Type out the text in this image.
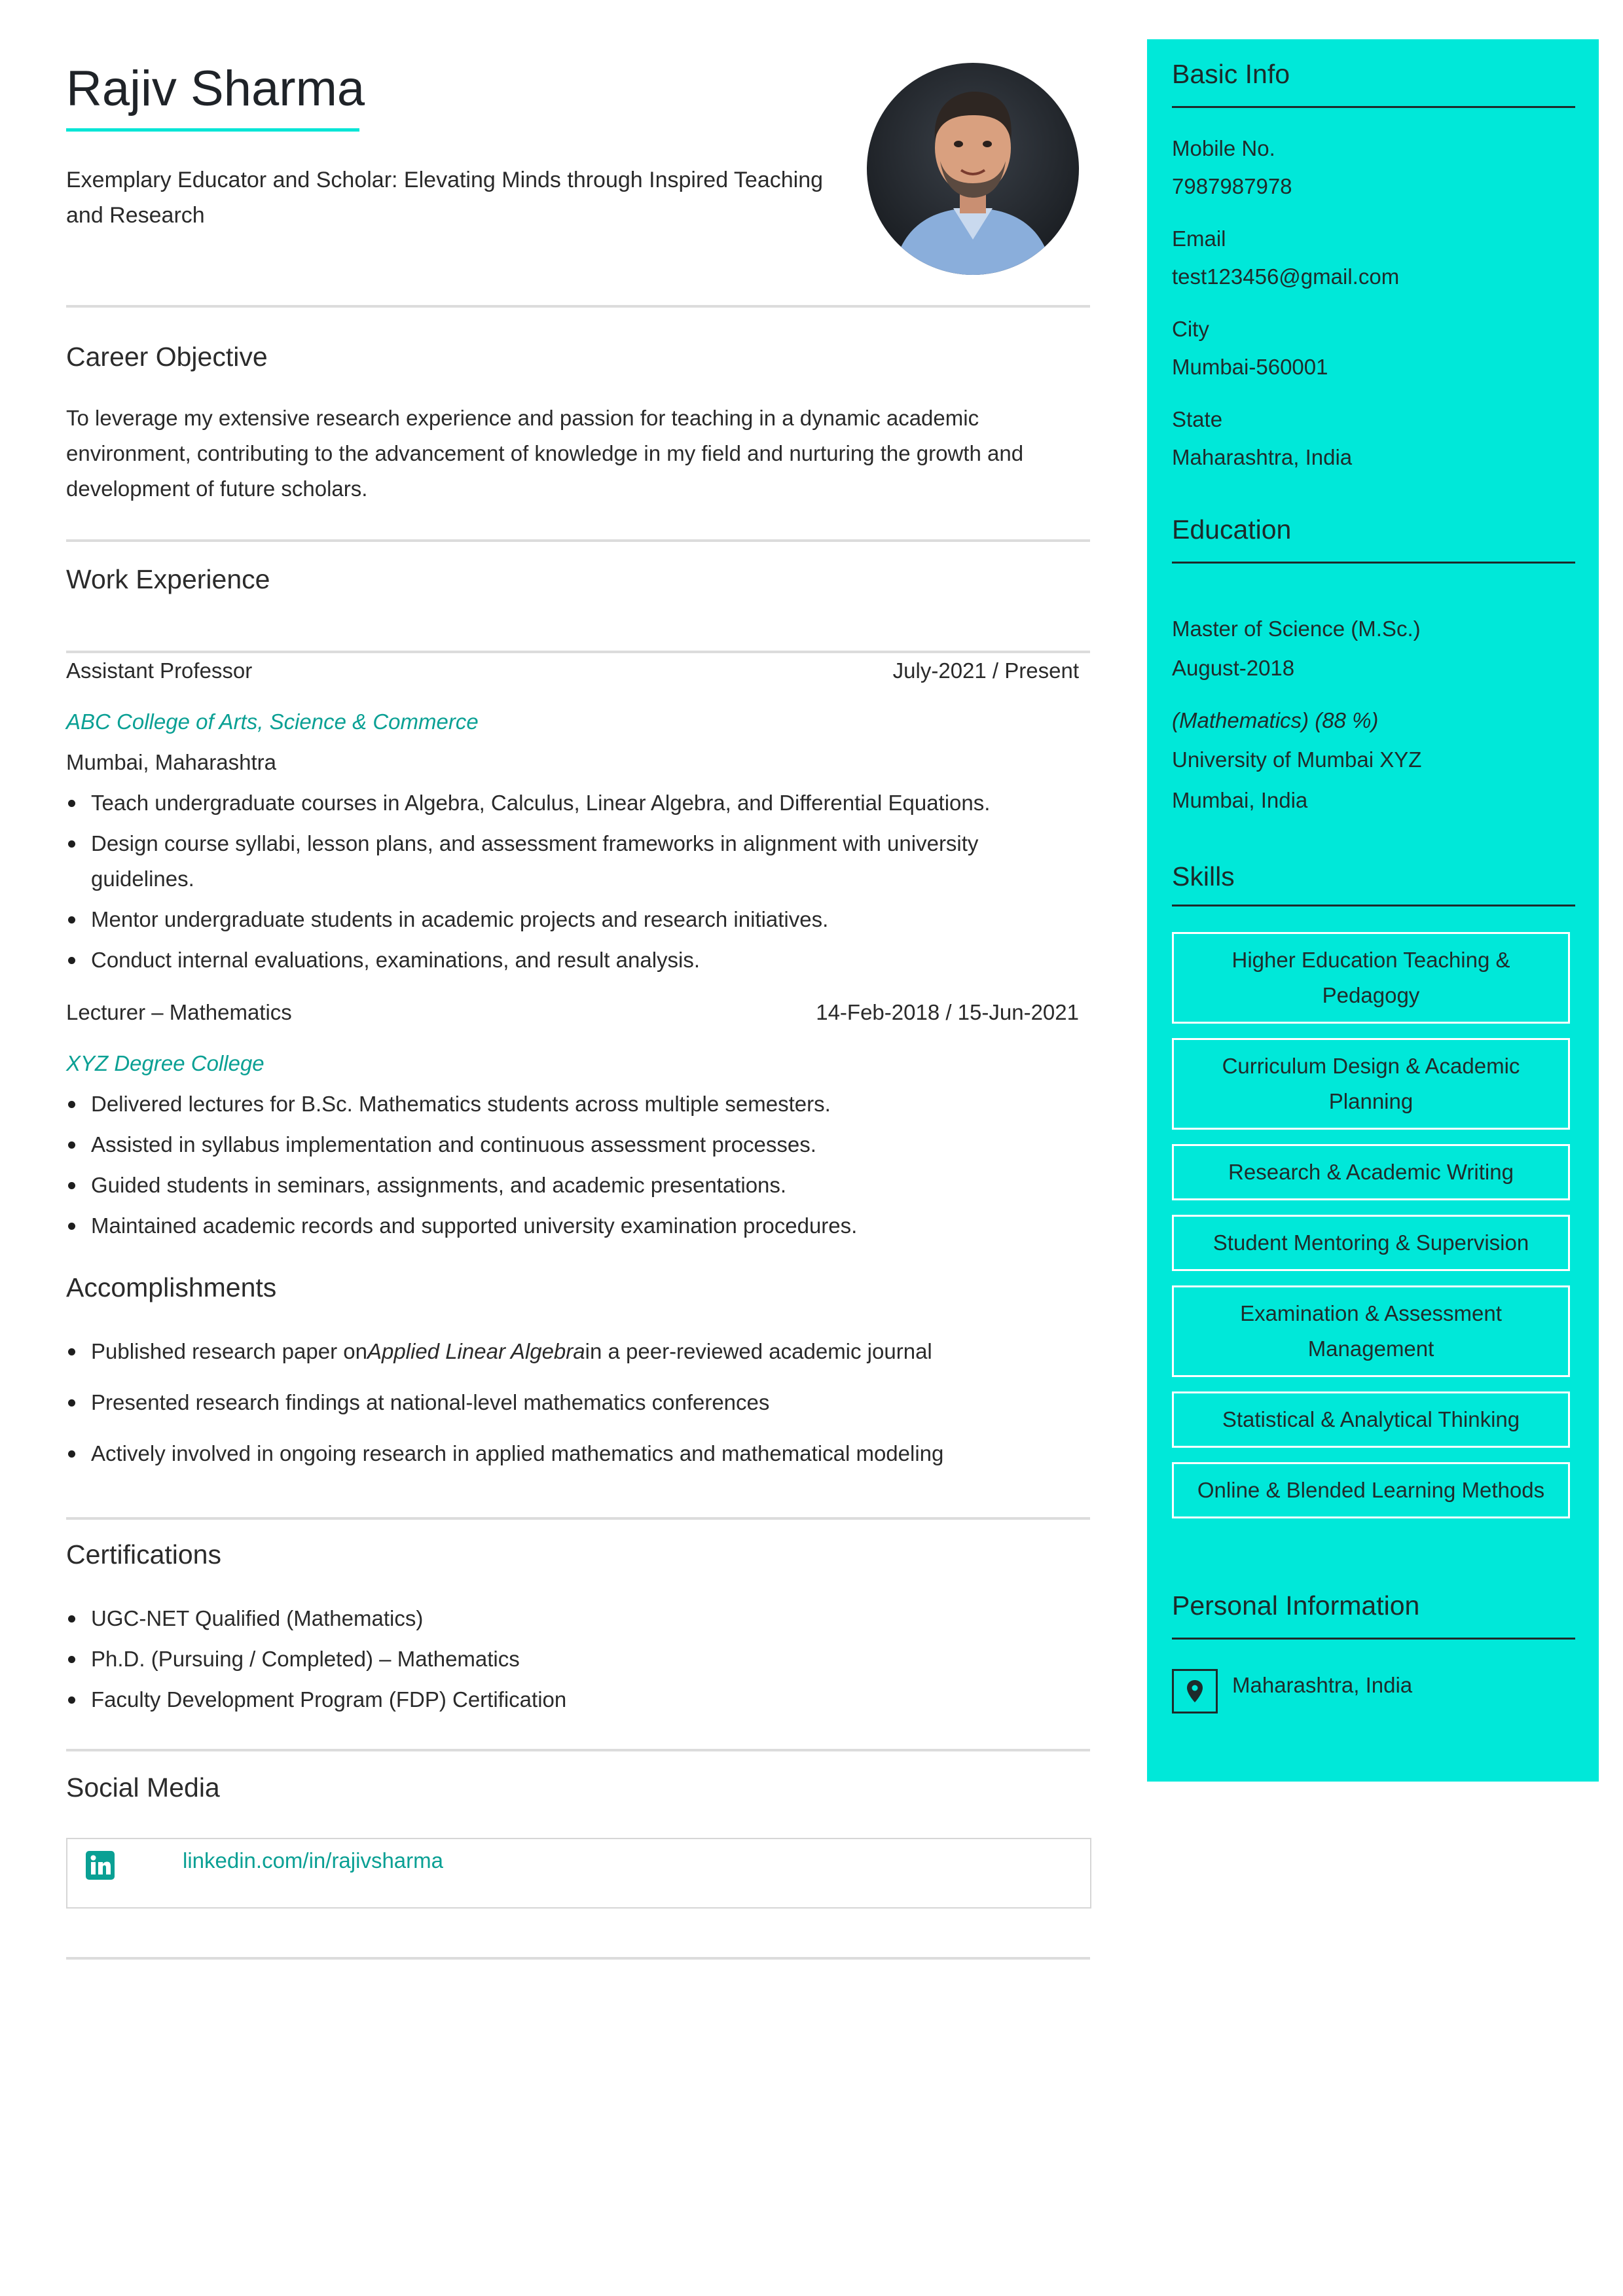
Rajiv Sharma
Exemplary Educator and Scholar: Elevating Minds through Inspired Teaching and Research
Career Objective
To leverage my extensive research experience and passion for teaching in a dynamic academic environment, contributing to the advancement of knowledge in my field and nurturing the growth and development of future scholars.
Work Experience
Assistant Professor	July-2021 / Present
ABC College of Arts, Science & Commerce
Mumbai, Maharashtra
Teach undergraduate courses in Algebra, Calculus, Linear Algebra, and Differential Equations.
Design course syllabi, lesson plans, and assessment frameworks in alignment with university guidelines.
Mentor undergraduate students in academic projects and research initiatives.
Conduct internal evaluations, examinations, and result analysis.
Lecturer – Mathematics	14-Feb-2018 / 15-Jun-2021
XYZ Degree College
Delivered lectures for B.Sc. Mathematics students across multiple semesters.
Assisted in syllabus implementation and continuous assessment processes.
Guided students in seminars, assignments, and academic presentations.
Maintained academic records and supported university examination procedures.
Accomplishments
Published research paper onApplied Linear Algebrain a peer-reviewed academic journal
Presented research findings at national-level mathematics conferences
Actively involved in ongoing research in applied mathematics and mathematical modeling
Certifications
UGC-NET Qualified (Mathematics)
Ph.D. (Pursuing / Completed) – Mathematics
Faculty Development Program (FDP) Certification
Social Media
linkedin.com/in/rajivsharma
Basic Info
Mobile No.
7987987978
Email
test123456@gmail.com
City
Mumbai-560001
State
Maharashtra, India
Education
Master of Science (M.Sc.)
August-2018
(Mathematics) (88 %)
University of Mumbai XYZ
Mumbai, India
Skills
Higher Education Teaching & Pedagogy
Curriculum Design & Academic Planning
Research & Academic Writing
Student Mentoring & Supervision
Examination & Assessment Management
Statistical & Analytical Thinking
Online & Blended Learning Methods
Personal Information
Maharashtra, India
